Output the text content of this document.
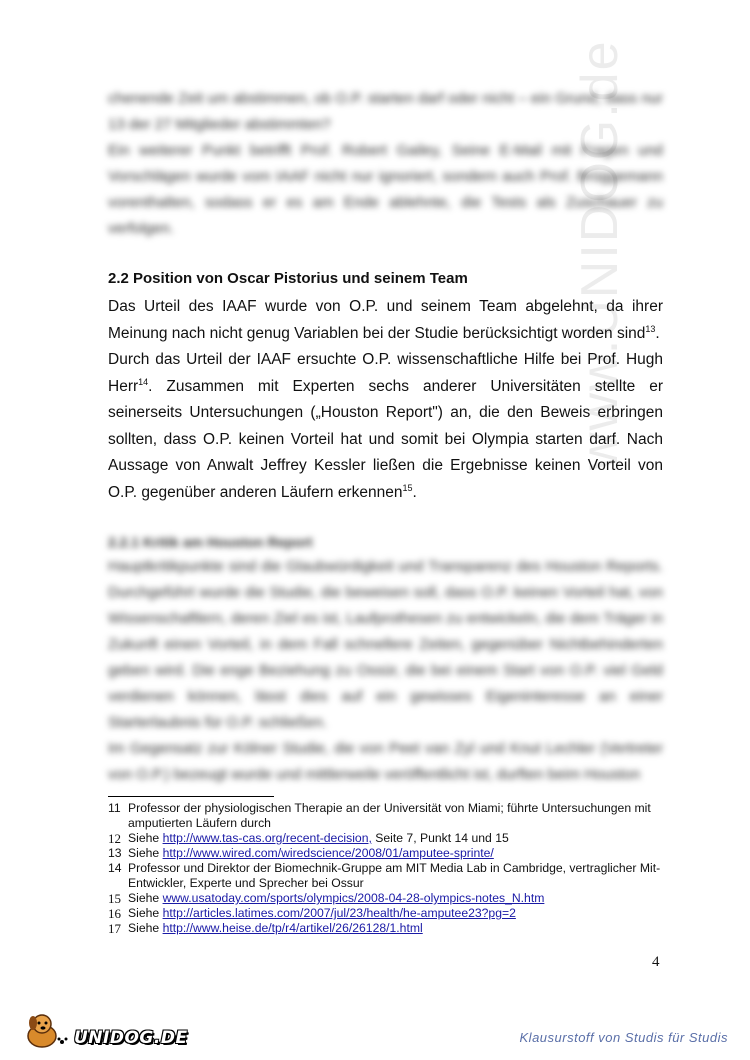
www.UNIDOG.de
chenende Zeit um abstimmen, ob O.P. starten darf oder nicht – ein Grund, dass nur 13 der 27 Mitglieder abstimmten?
Ein weiterer Punkt betrifft Prof. Robert Gailey, Seine E-Mail mit Fragen und Vorschlägen wurde vom IAAF nicht nur ignoriert, sondern auch Prof. Brüggemann vorenthalten, sodass er es am Ende ablehnte, die Tests als Zuschauer zu verfolgen.
2.2 Position von Oscar Pistorius und seinem Team

Das Urteil des IAAF wurde von O.P. und seinem Team abgelehnt, da ihrer Meinung nach nicht genug Variablen bei der Studie berücksichtigt worden sind$^{13}$.

Durch das Urteil der IAAF ersuchte O.P. wissenschaftliche Hilfe bei Prof. Hugh Herr$^{14}$. Zusammen mit Experten sechs anderer Universitäten stellte er seinerseits Untersuchungen („Houston Report") an, die den Beweis erbringen sollten, dass O.P. keinen Vorteil hat und somit bei Olympia starten darf. Nach Aussage von Anwalt Jeffrey Kessler ließen die Ergebnisse keinen Vorteil von O.P. gegenüber anderen Läufern erkennen$^{15}$.

2.2.1 Kritik am Houston Report
Hauptkritikpunkte sind die Glaubwürdigkeit und Transparenz des Houston Reports. Durchgeführt wurde die Studie, die beweisen soll, dass O.P. keinen Vorteil hat, von Wissenschaftlern, deren Ziel es ist, Laufprothesen zu entwickeln, die dem Träger in Zukunft einen Vorteil, in dem Fall schnellere Zeiten, gegenüber Nichtbehinderten geben wird. Die enge Beziehung zu Ossür, die bei einem Start von O.P. viel Geld verdienen können, lässt dies auf ein gewisses Eigeninteresse an einer Starterlaubnis für O.P. schließen.
Im Gegensatz zur Kölner Studie, die von Peet van Zyl und Knut Lechler (Vertreter von O.P.) bezeugt wurde und mittlerweile veröffentlicht ist, durften beim Houston
11 Professor der physiologischen Therapie an der Universität von Miami; führte Untersuchungen mit amputierten Läufern durch
12 Siehe http://www.tas-cas.org/recent-decision, Seite 7, Punkt 14 und 15
13 Siehe http://www.wired.com/wiredscience/2008/01/amputee-sprinte/
14 Professor und Direktor der Biomechnik-Gruppe am MIT Media Lab in Cambridge, vertraglicher Mit-Entwickler, Experte und Sprecher bei Ossur
15 Siehe www.usatoday.com/sports/olympics/2008-04-28-olympics-notes_N.htm
16 Siehe http://articles.latimes.com/2007/jul/23/health/he-amputee23?pg=2
17 Siehe http://www.heise.de/tp/r4/artikel/26/26128/1.html
4
UNIDOG.DE	Klausurstoff von Studis für Studis
